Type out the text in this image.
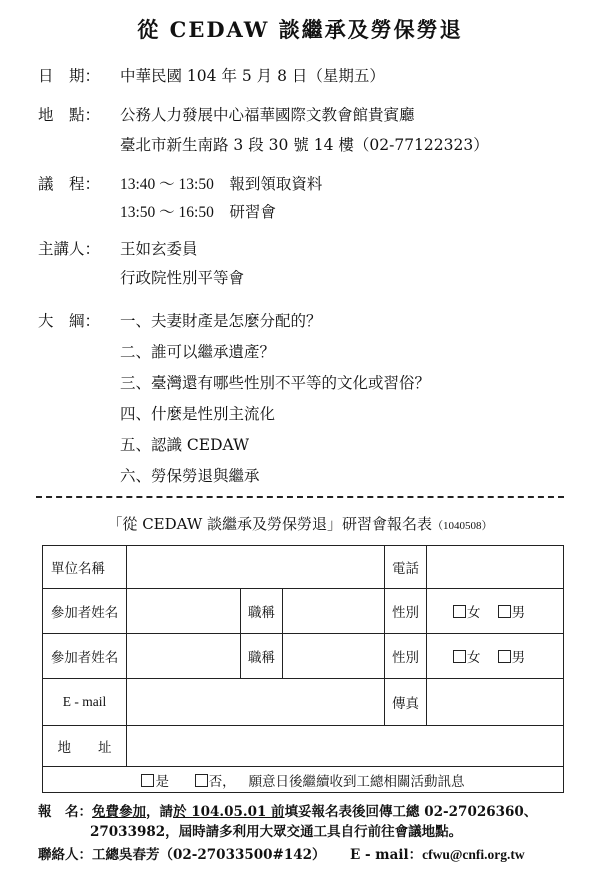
從 CEDAW 談繼承及勞保勞退
日　期： 中華民國 104 年 5 月 8 日（星期五）
地　點： 公務人力發展中心福華國際文教會館貴賓廳
臺北市新生南路 3 段 30 號 14 樓（02-77122323）
議　程： 13:40 ～ 13:50　 報到領取資料
13:50 ～ 16:50　 研習會
主講人： 王如玄委員
行政院性別平等會
大　綱： 一、夫妻財產是怎麼分配的？
二、誰可以繼承遺產？
三、臺灣還有哪些性別不平等的文化或習俗？
四、什麼是性別主流化
五、認識 CEDAW
六、勞保勞退與繼承
「從 CEDAW 談繼承及勞保勞退」研習會報名表（1040508）
單位名稱				電話	
參加者姓名		職稱		性別	女 男
參加者姓名		職稱		性別	女 男
E - mail				傳真	
地　　址					
是 否， 願意日後繼續收到工總相關活動訊息					
報　名：免費參加，請於 104.05.01 前填妥報名表後回傳工總 02-27026360、
27033982，屆時請多利用大眾交通工具自行前往會議地點。
聯絡人：工總吳春芳（02-27033500#142） E - mail：cfwu@cnfi.org.tw
